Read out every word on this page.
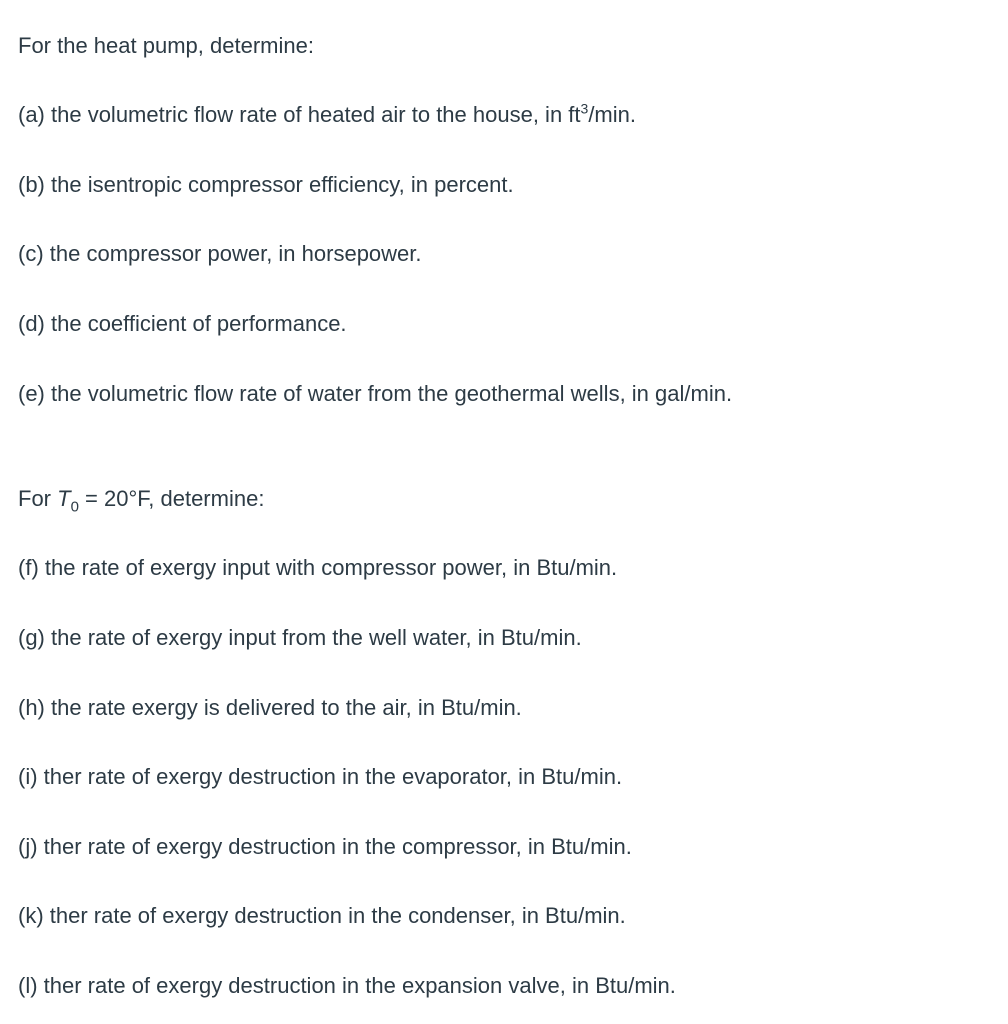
For the heat pump, determine:
(a) the volumetric flow rate of heated air to the house, in $ft^3/\min$.
(b) the isentropic compressor efficiency, in percent.
(c) the compressor power, in horsepower.
(d) the coefficient of performance.
(e) the volumetric flow rate of water from the geothermal wells, in gal/min.
For $T_0 = 20^\circ F$, determine:
(f) the rate of exergy input with compressor power, in Btu/min.
(g) the rate of exergy input from the well water, in Btu/min.
(h) the rate exergy is delivered to the air, in Btu/min.
(i) ther rate of exergy destruction in the evaporator, in Btu/min.
(j) ther rate of exergy destruction in the compressor, in Btu/min.
(k) ther rate of exergy destruction in the condenser, in Btu/min.
(l) ther rate of exergy destruction in the expansion valve, in Btu/min.
